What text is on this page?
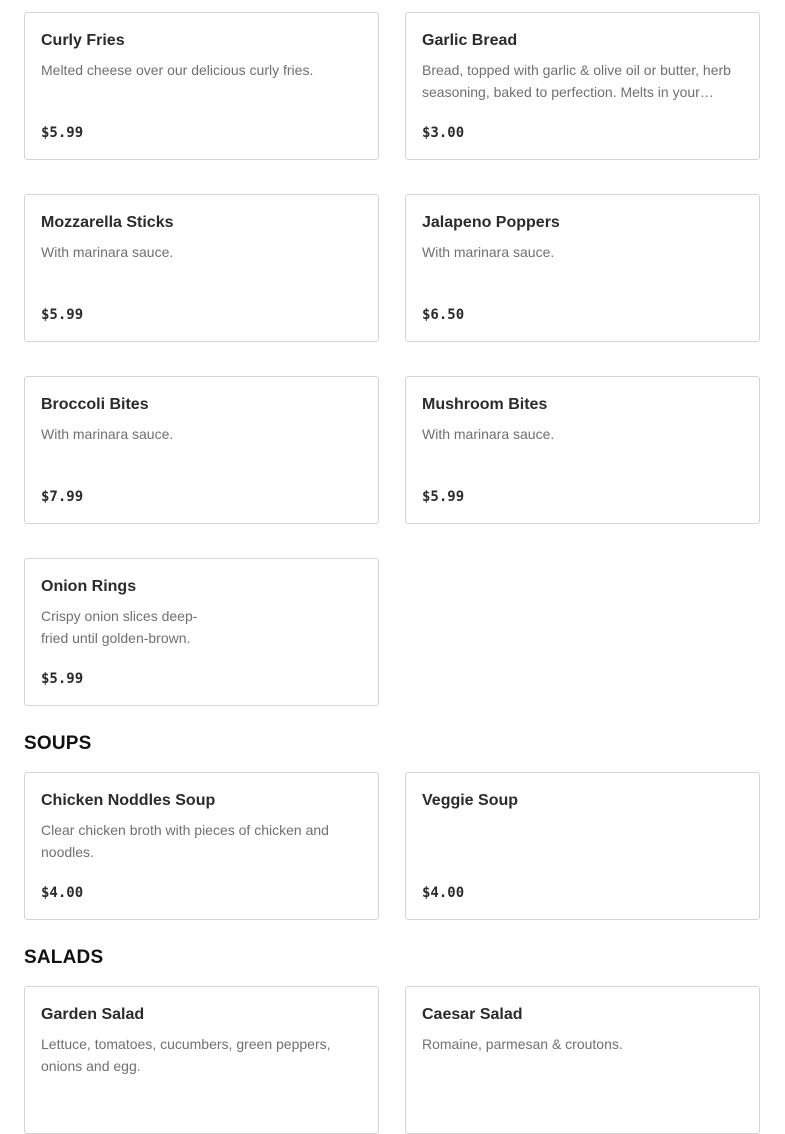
Curly Fries
Melted cheese over our delicious curly fries.
$5.99
Garlic Bread
Bread, topped with garlic & olive oil or butter, herb seasoning, baked to perfection. Melts in your…
$3.00
Mozzarella Sticks
With marinara sauce.
$5.99
Jalapeno Poppers
With marinara sauce.
$6.50
Broccoli Bites
With marinara sauce.
$7.99
Mushroom Bites
With marinara sauce.
$5.99
Onion Rings
Crispy onion slices deep-fried until golden-brown.
$5.99
SOUPS
Chicken Noddles Soup
Clear chicken broth with pieces of chicken and noodles.
$4.00
Veggie Soup
$4.00
SALADS
Garden Salad
Lettuce, tomatoes, cucumbers, green peppers, onions and egg.
Caesar Salad
Romaine, parmesan & croutons.
